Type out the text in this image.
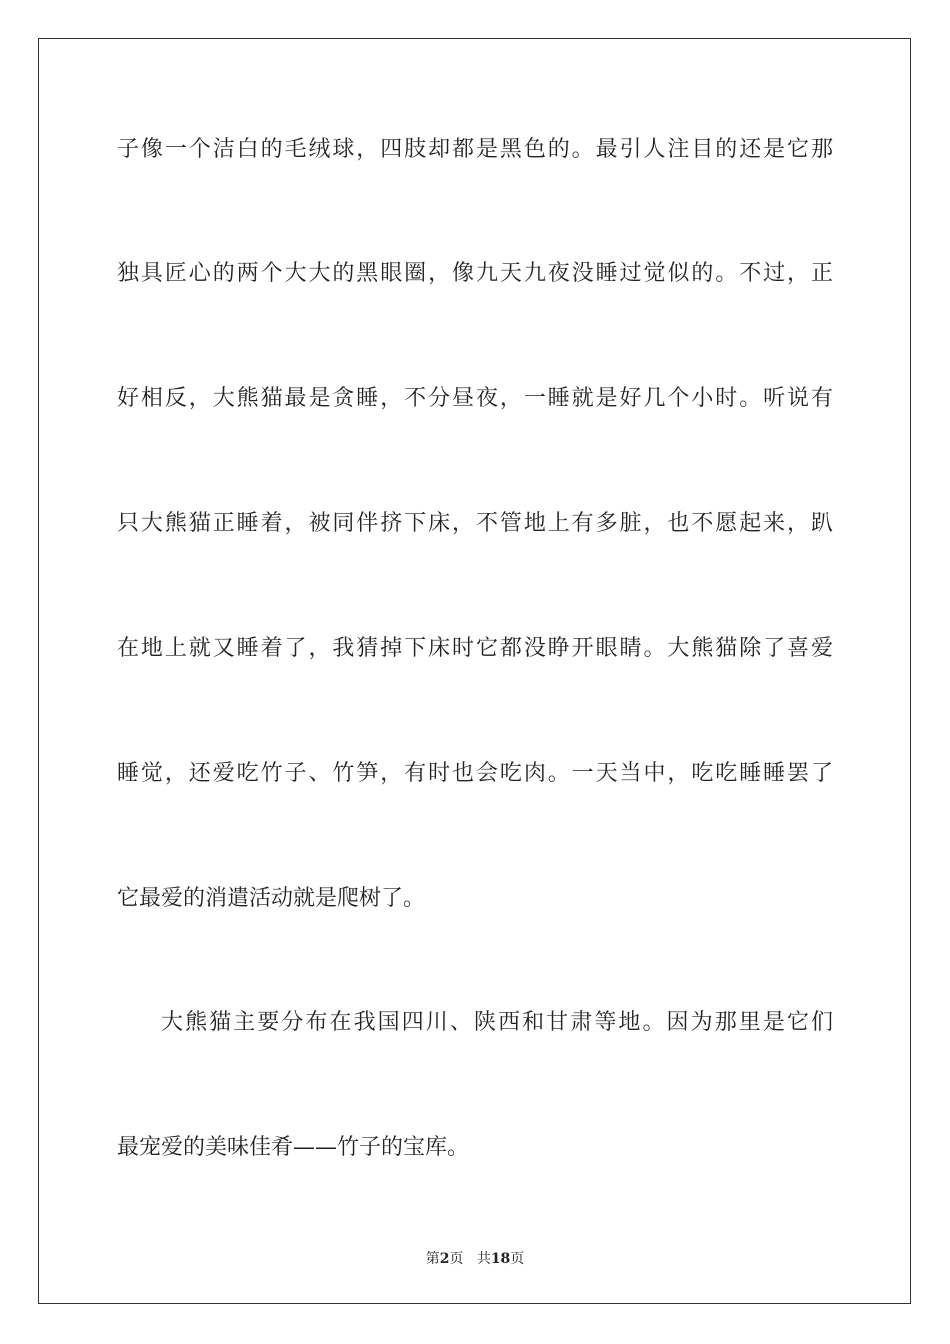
子像一个洁白的毛绒球，四肢却都是黑色的。最引人注目的还是它那
独具匠心的两个大大的黑眼圈，像九天九夜没睡过觉似的。不过，正
好相反，大熊猫最是贪睡，不分昼夜，一睡就是好几个小时。听说有
只大熊猫正睡着，被同伴挤下床，不管地上有多脏，也不愿起来，趴
在地上就又睡着了，我猜掉下床时它都没睁开眼睛。大熊猫除了喜爱
睡觉，还爱吃竹子、竹笋，有时也会吃肉。一天当中，吃吃睡睡罢了
它最爱的消遣活动就是爬树了。
大熊猫主要分布在我国四川、陕西和甘肃等地。因为那里是它们
最宠爱的美味佳肴——竹子的宝库。
第2页 共18页
